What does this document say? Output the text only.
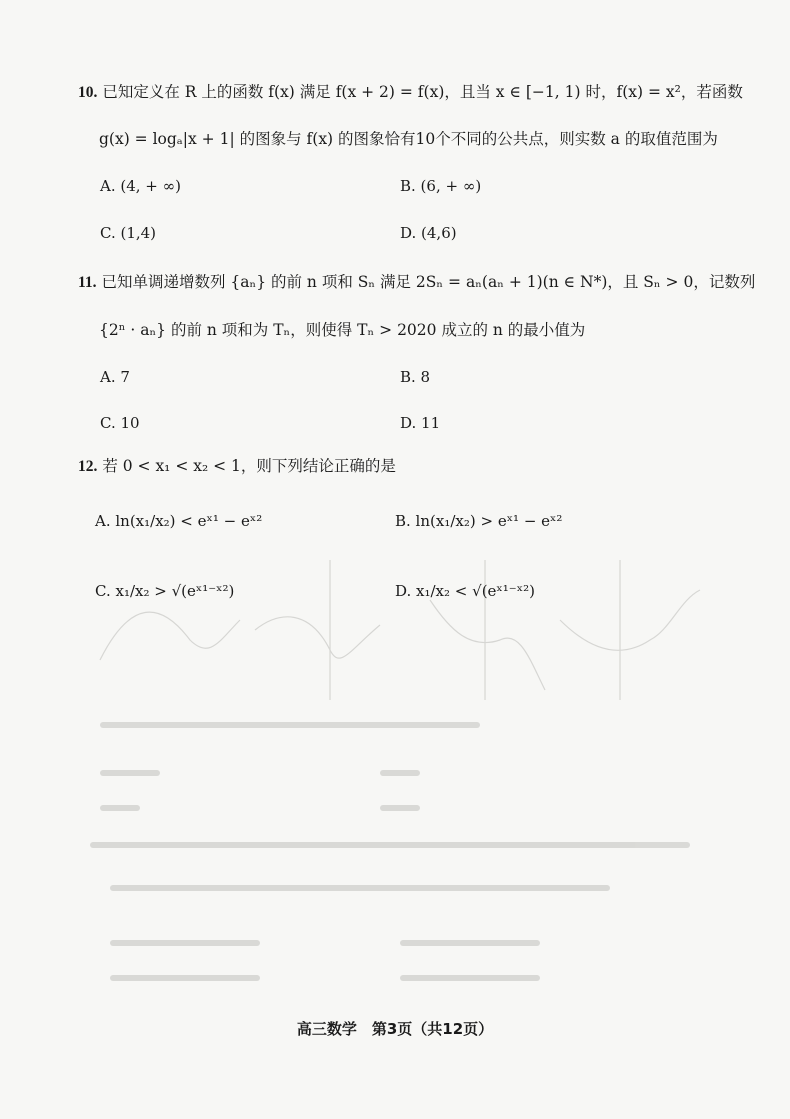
10. 已知定义在 R 上的函数 f(x) 满足 f(x + 2) = f(x)，且当 x ∈ [−1, 1) 时，f(x) = x²，若函数
g(x) = logₐ|x + 1| 的图象与 f(x) 的图象恰有10个不同的公共点，则实数 a 的取值范围为
A. (4, + ∞)	B. (6, + ∞)
C. (1,4)	D. (4,6)
11. 已知单调递增数列 {aₙ} 的前 n 项和 Sₙ 满足 2Sₙ = aₙ(aₙ + 1)(n ∈ N*)，且 Sₙ > 0，记数列
{2ⁿ · aₙ} 的前 n 项和为 Tₙ，则使得 Tₙ > 2020 成立的 n 的最小值为
A. 7	B. 8
C. 10	D. 11
12. 若 0 < x₁ < x₂ < 1，则下列结论正确的是
A. ln(x₁/x₂) < eˣ¹ − eˣ²	B. ln(x₁/x₂) > eˣ¹ − eˣ²
C. x₁/x₂ > √(eˣ¹⁻ˣ²)	D. x₁/x₂ < √(eˣ¹⁻ˣ²)
高三数学　第3页（共12页）
